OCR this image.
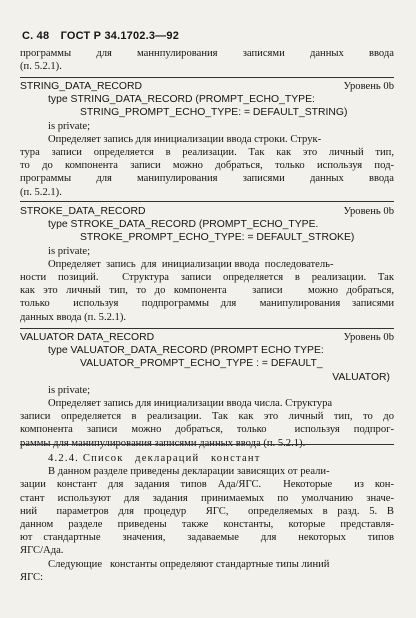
С. 48 ГОСТ Р 34.1702.3—92
программы   для   маннпулирования   записями   данных   ввода
(п. 5.2.1).
STRING_DATA_RECORD	Уровень 0b
type STRING_DATA_RECORD (PROMPT_ECHO_TYPE:
STRING_PROMPT_ECHO_TYPE: = DEFAULT_STRING)
is private;
Определяет запись для инициализации ввода строки. Струк-
тура записи определяется в реализации. Так как это личный тип,
то до компонента записи можно добраться, только используя под-
программы   для   манипулирования   записями   данных   ввода
(п. 5.2.1).
STROKE_DATA_RECORD	Уровень 0b
type STROKE_DATA_RECORD (PROMPT_ECHO_TYPE.
STROKE_PROMPT_ECHO_TYPE: = DEFAULT_STROKE)
is private;
Определяет  запись  для  инициализации ввода  последователь-
ности позиций.  Структура записи определяется в реализации. Так
как это личный тип, то до компонента   записи   можно добраться,
только  используя  подпрограммы для  манипулирования записями
данных ввода (п. 5.2.1).
VALUATOR DATA_RECORD	Уровень 0b
type VALUATOR_DATA_RECORD (PROMPT ECHO TYPE:
VALUATOR_PROMPT_ECHO_TYPE : = DEFAULT_
VALUATOR)
is private;
Определяет запись для инициализации ввода числа. Структура
записи определяется в реализации. Так как это личный тип, то до
компонента записи можно добраться, только  используя подпрог-
4.2.4. Список   деклараций   констант
В данном разделе приведены декларации зависящих от реали-
зации констант для задания типов Ада/ЯГС.  Некоторые  из кон-
стант используют для задания принимаемых по умолчанию значе-
ний  параметров для процедур  ЯГС,  определяемых в разд. 5. В
данном разделе приведены также константы, которые представля-
ют стандартные  значения,  задаваемые  для  некоторых  типов
ЯГС/Ада.
Следующие   константы определяют стандартные типы линий
ЯГС:
